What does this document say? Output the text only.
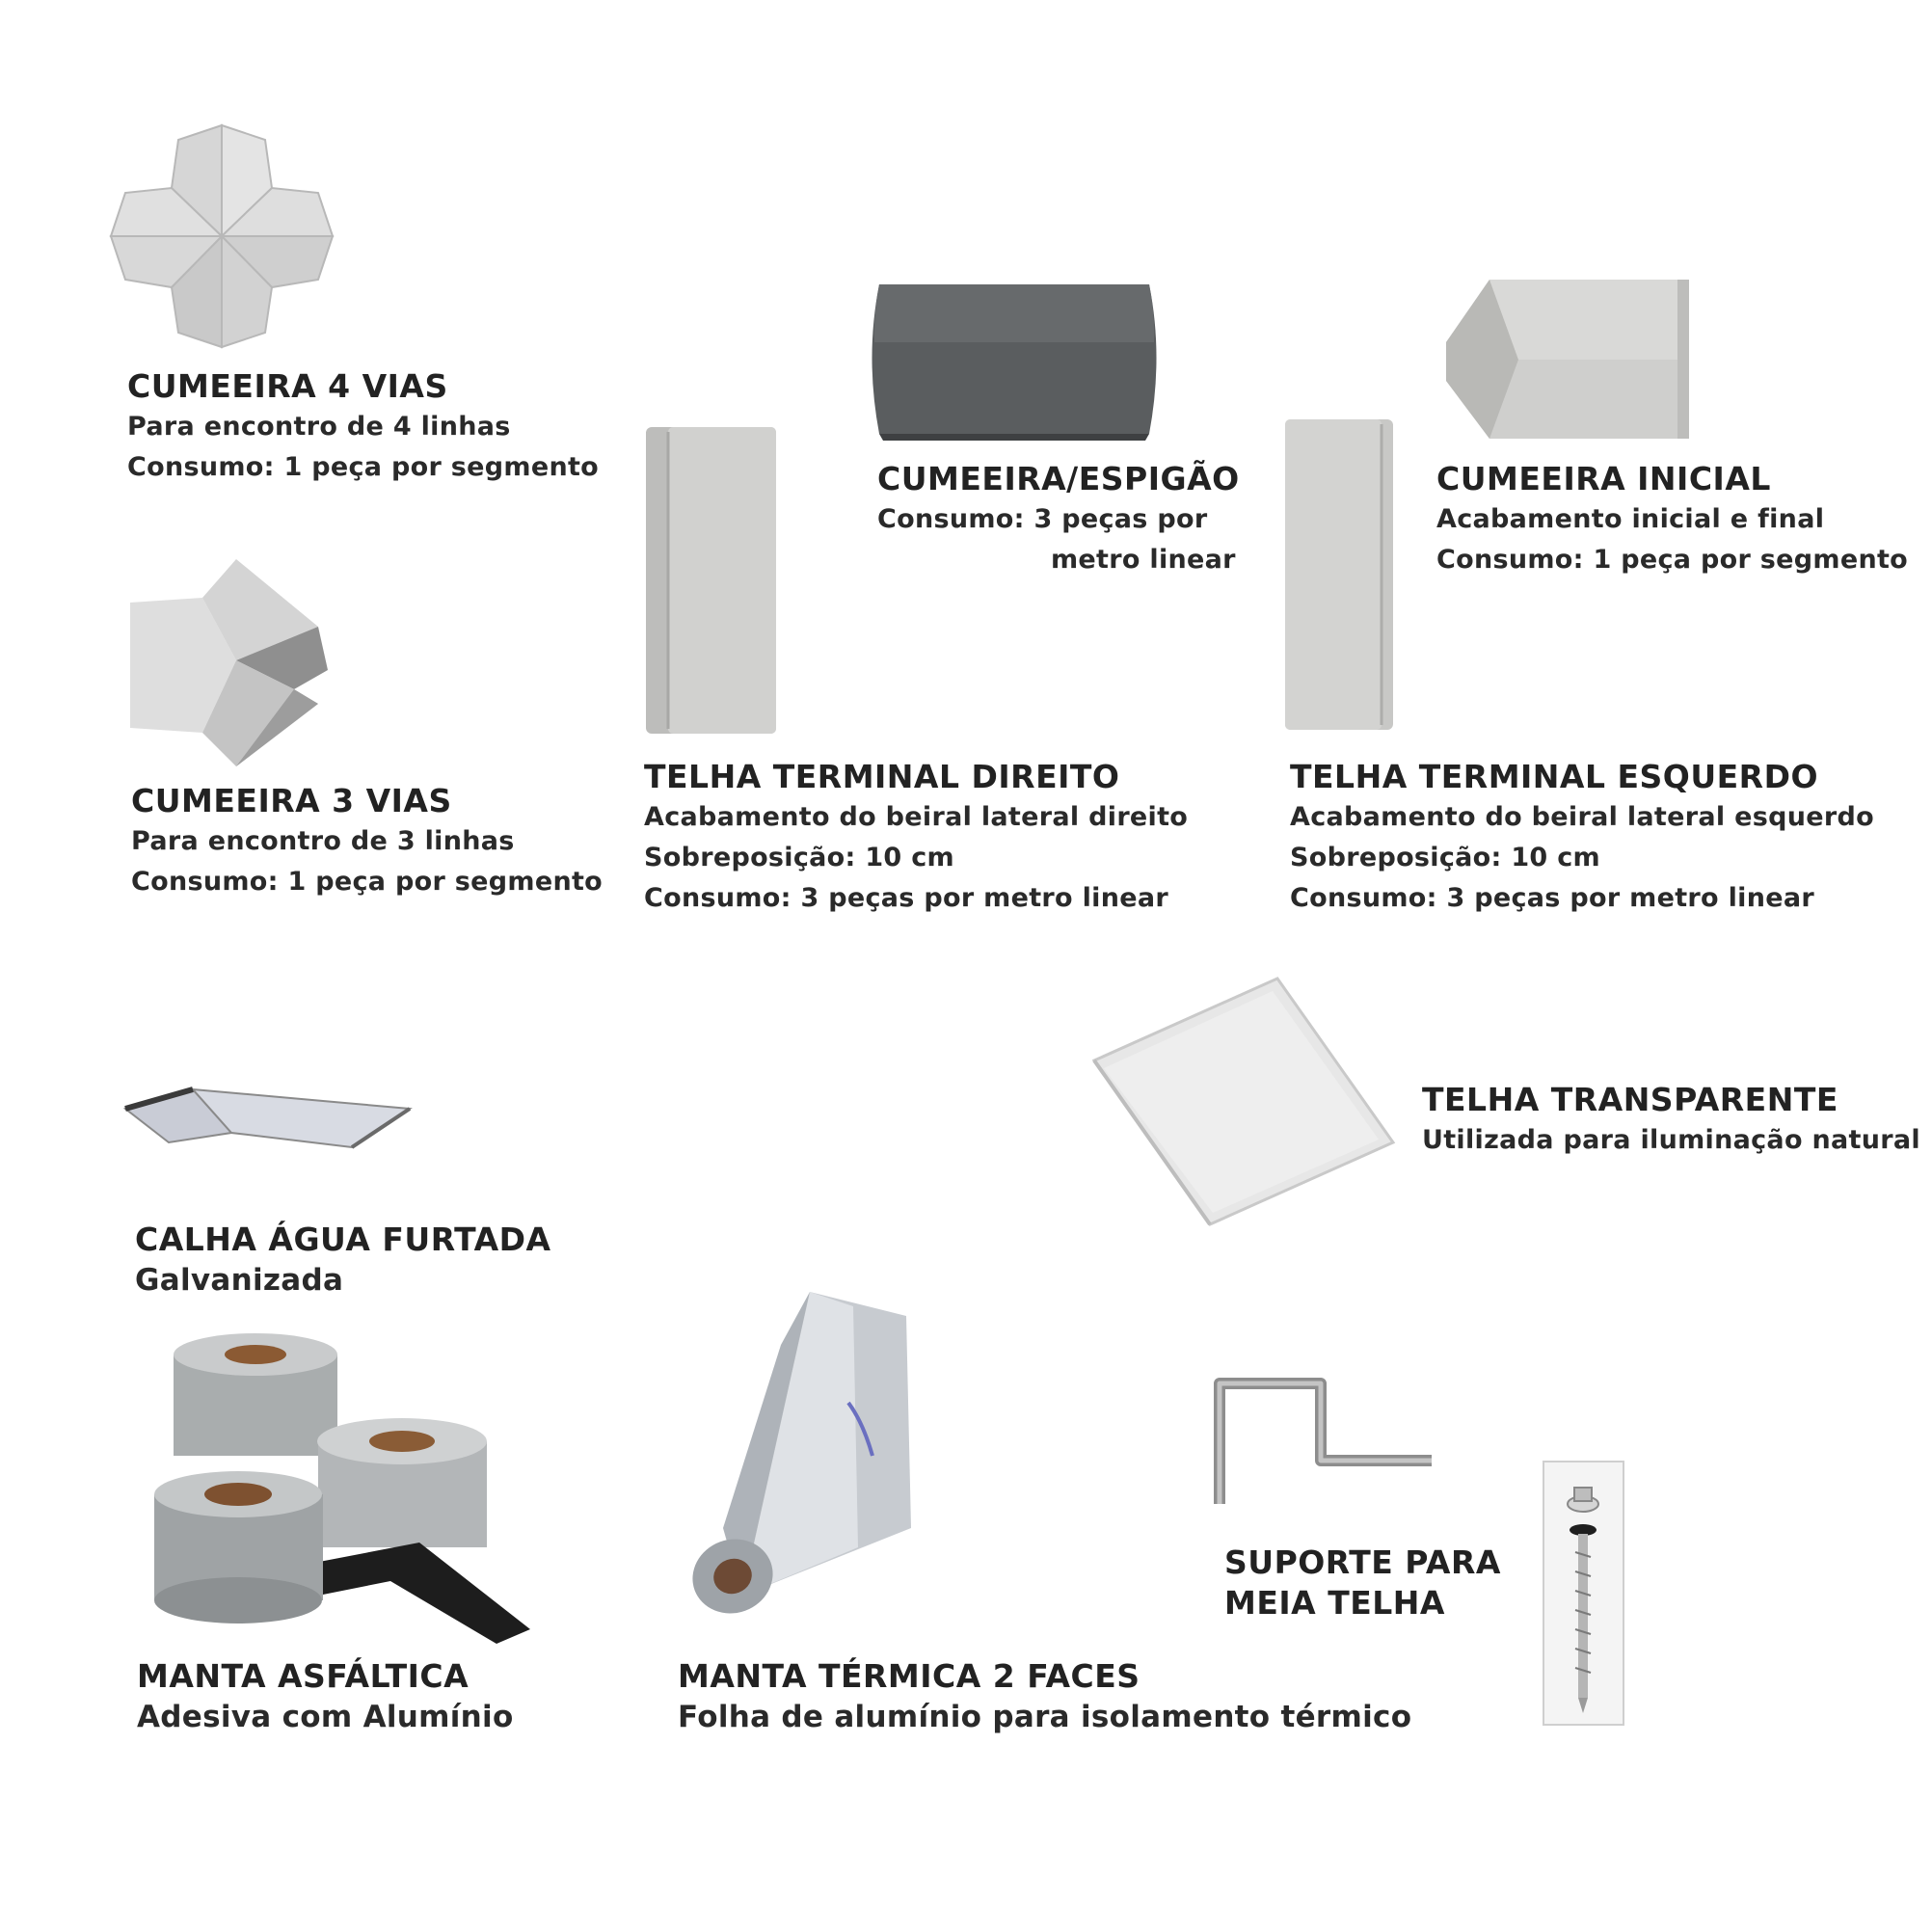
CUMEEIRA 4 VIAS
Para encontro de 4 linhas
Consumo: 1 peça por segmento	CUMEEIRA/ESPIGÃO
Consumo: 3 peças por
metro linear
CUMEEIRA INICIAL
Acabamento inicial e final
Consumo: 1 peça por segmento
CUMEEIRA 3 VIAS
Para encontro de 3 linhas
Consumo: 1 peça por segmento
TELHA TERMINAL DIREITO
Acabamento do beiral lateral direito
Sobreposição: 10 cm
Consumo: 3 peças por metro linear
TELHA TERMINAL ESQUERDO
Acabamento do beiral lateral esquerdo
Sobreposição: 10 cm
Consumo: 3 peças por metro linear
TELHA TRANSPARENTE
Utilizada para iluminação natural
CALHA ÁGUA FURTADA
Galvanizada
MANTA ASFÁLTICA
Adesiva com Alumínio
MANTA TÉRMICA 2 FACES
Folha de alumínio para isolamento térmico
SUPORTE PARA
MEIA TELHA
